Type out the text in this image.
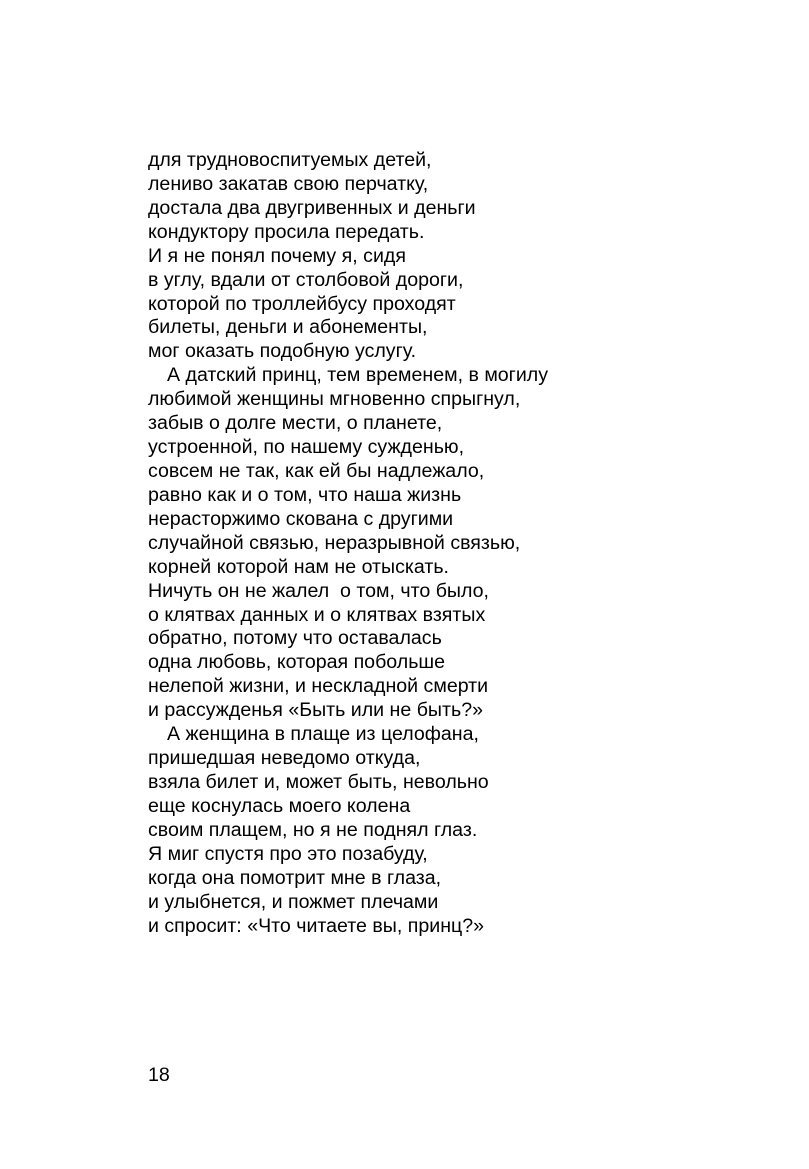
для трудновоспитуемых детей,
лениво закатав свою перчатку,
достала два двугривенных и деньги
кондуктору просила передать.
И я не понял почему я, сидя
в углу, вдали от столбовой дороги,
которой по троллейбусу проходят
билеты, деньги и абонементы,
мог оказать подобную услугу.
А датский принц, тем временем, в могилу
любимой женщины мгновенно спрыгнул,
забыв о долге мести, о планете,
устроенной, по нашему сужденью,
совсем не так, как ей бы надлежало,
равно как и о том, что наша жизнь
нерасторжимо скована с другими
случайной связью, неразрывной связью,
корней которой нам не отыскать.
Ничуть он не жалел  о том, что было,
о клятвах данных и о клятвах взятых
обратно, потому что оставалась
одна любовь, которая побольше
нелепой жизни, и нескладной смерти
и рассужденья «Быть или не быть?»
А женщина в плаще из целофана,
пришедшая неведомо откуда,
взяла билет и, может быть, невольно
еще коснулась моего колена
своим плащем, но я не поднял глаз.
Я миг спустя про это позабуду,
когда она помотрит мне в глаза,
и улыбнется, и пожмет плечами
и спросит: «Что читаете вы, принц?»
18
